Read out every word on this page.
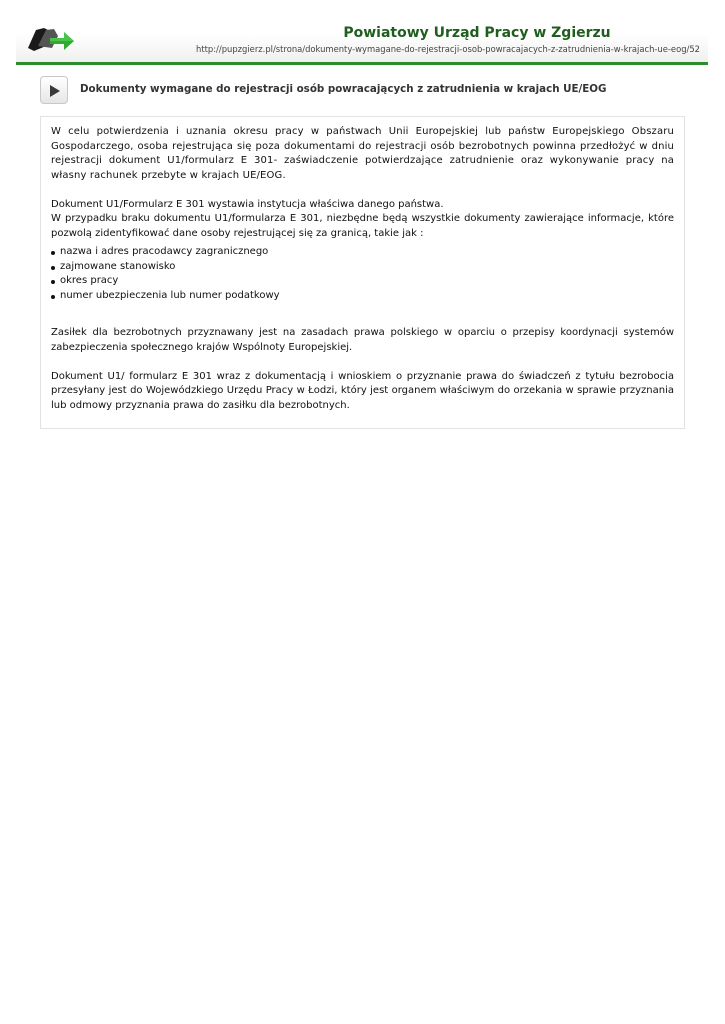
Powiatowy Urząd Pracy w Zgierzu
http://pupzgierz.pl/strona/dokumenty-wymagane-do-rejestracji-osob-powracajacych-z-zatrudnienia-w-krajach-ue-eog/52
Dokumenty wymagane do rejestracji osób powracających z zatrudnienia w krajach UE/EOG

W celu potwierdzenia i uznania okresu pracy w państwach Unii Europejskiej lub państw Europejskiego Obszaru Gospodarczego, osoba rejestrująca się poza dokumentami do rejestracji osób bezrobotnych powinna przedłożyć w dniu rejestracji dokument U1/formularz E 301- zaświadczenie potwierdzające zatrudnienie oraz wykonywanie pracy na własny rachunek przebyte w krajach UE/EOG.

Dokument U1/Formularz E 301 wystawia instytucja właściwa danego państwa.

W przypadku braku dokumentu U1/formularza E 301, niezbędne będą wszystkie dokumenty zawierające informacje, które pozwolą zidentyfikować dane osoby rejestrującej się za granicą, takie jak :

nazwa i adres pracodawcy zagranicznego
zajmowane stanowisko
okres pracy
numer ubezpieczenia lub numer podatkowy

Zasiłek dla bezrobotnych przyznawany jest na zasadach prawa polskiego w oparciu o przepisy koordynacji systemów zabezpieczenia społecznego krajów Wspólnoty Europejskiej.

Dokument U1/ formularz E 301 wraz z dokumentacją i wnioskiem o przyznanie prawa do świadczeń z tytułu bezrobocia przesyłany jest do Wojewódzkiego Urzędu Pracy w Łodzi, który jest organem właściwym do orzekania w sprawie przyznania lub odmowy przyznania prawa do zasiłku dla bezrobotnych.
